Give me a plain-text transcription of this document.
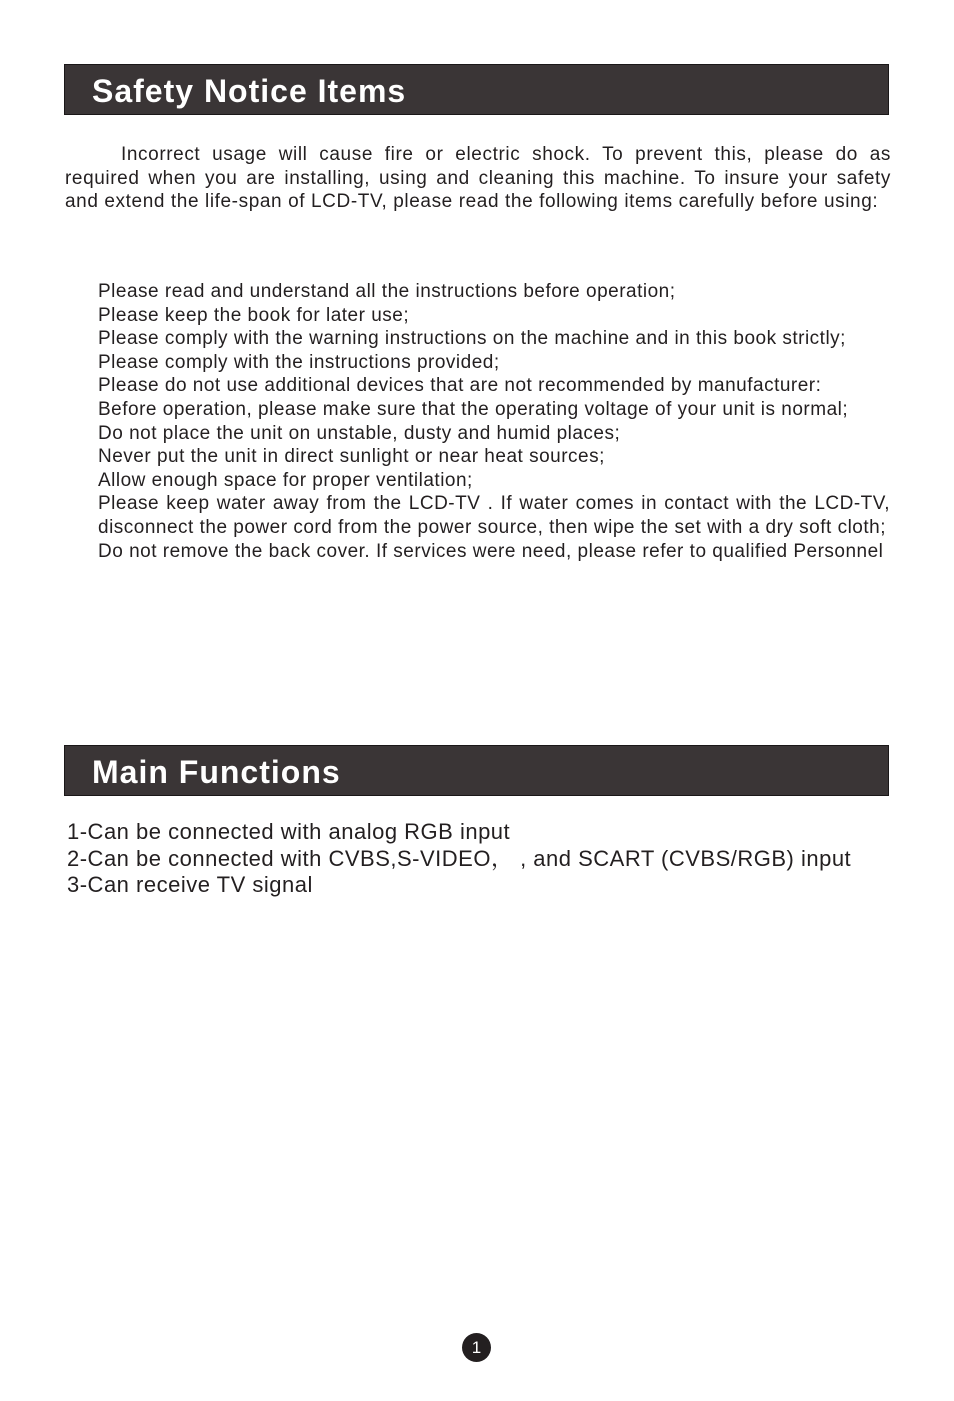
Safety Notice Items

Incorrect usage will cause fire or electric shock. To prevent this, please do as required when you are installing, using and cleaning this machine. To insure your safety and extend the life-span of LCD-TV, please read the following items carefully before using:

Please read and understand all the instructions before operation;
Please keep the book for later use;
Please comply with the warning instructions on the machine and in this book strictly;
Please comply with the instructions provided;
Please do not use additional devices that are not recommended by manufacturer:
Before operation, please make sure that the operating voltage of your unit is normal;
Do not place the unit on unstable, dusty and humid places;
Never put the unit in direct sunlight or near heat sources;
Allow enough space for proper ventilation;
Please keep water away from the LCD-TV . If water comes in contact with the LCD-TV, disconnect the power cord from the power source, then wipe the set with a dry soft cloth;
Do not remove the back cover. If services were need, please refer to qualified Personnel
Main Functions
1-Can be connected with analog RGB input
2-Can be connected with CVBS,S-VIDEO， , and SCART (CVBS/RGB) input
3-Can receive TV signal
1
